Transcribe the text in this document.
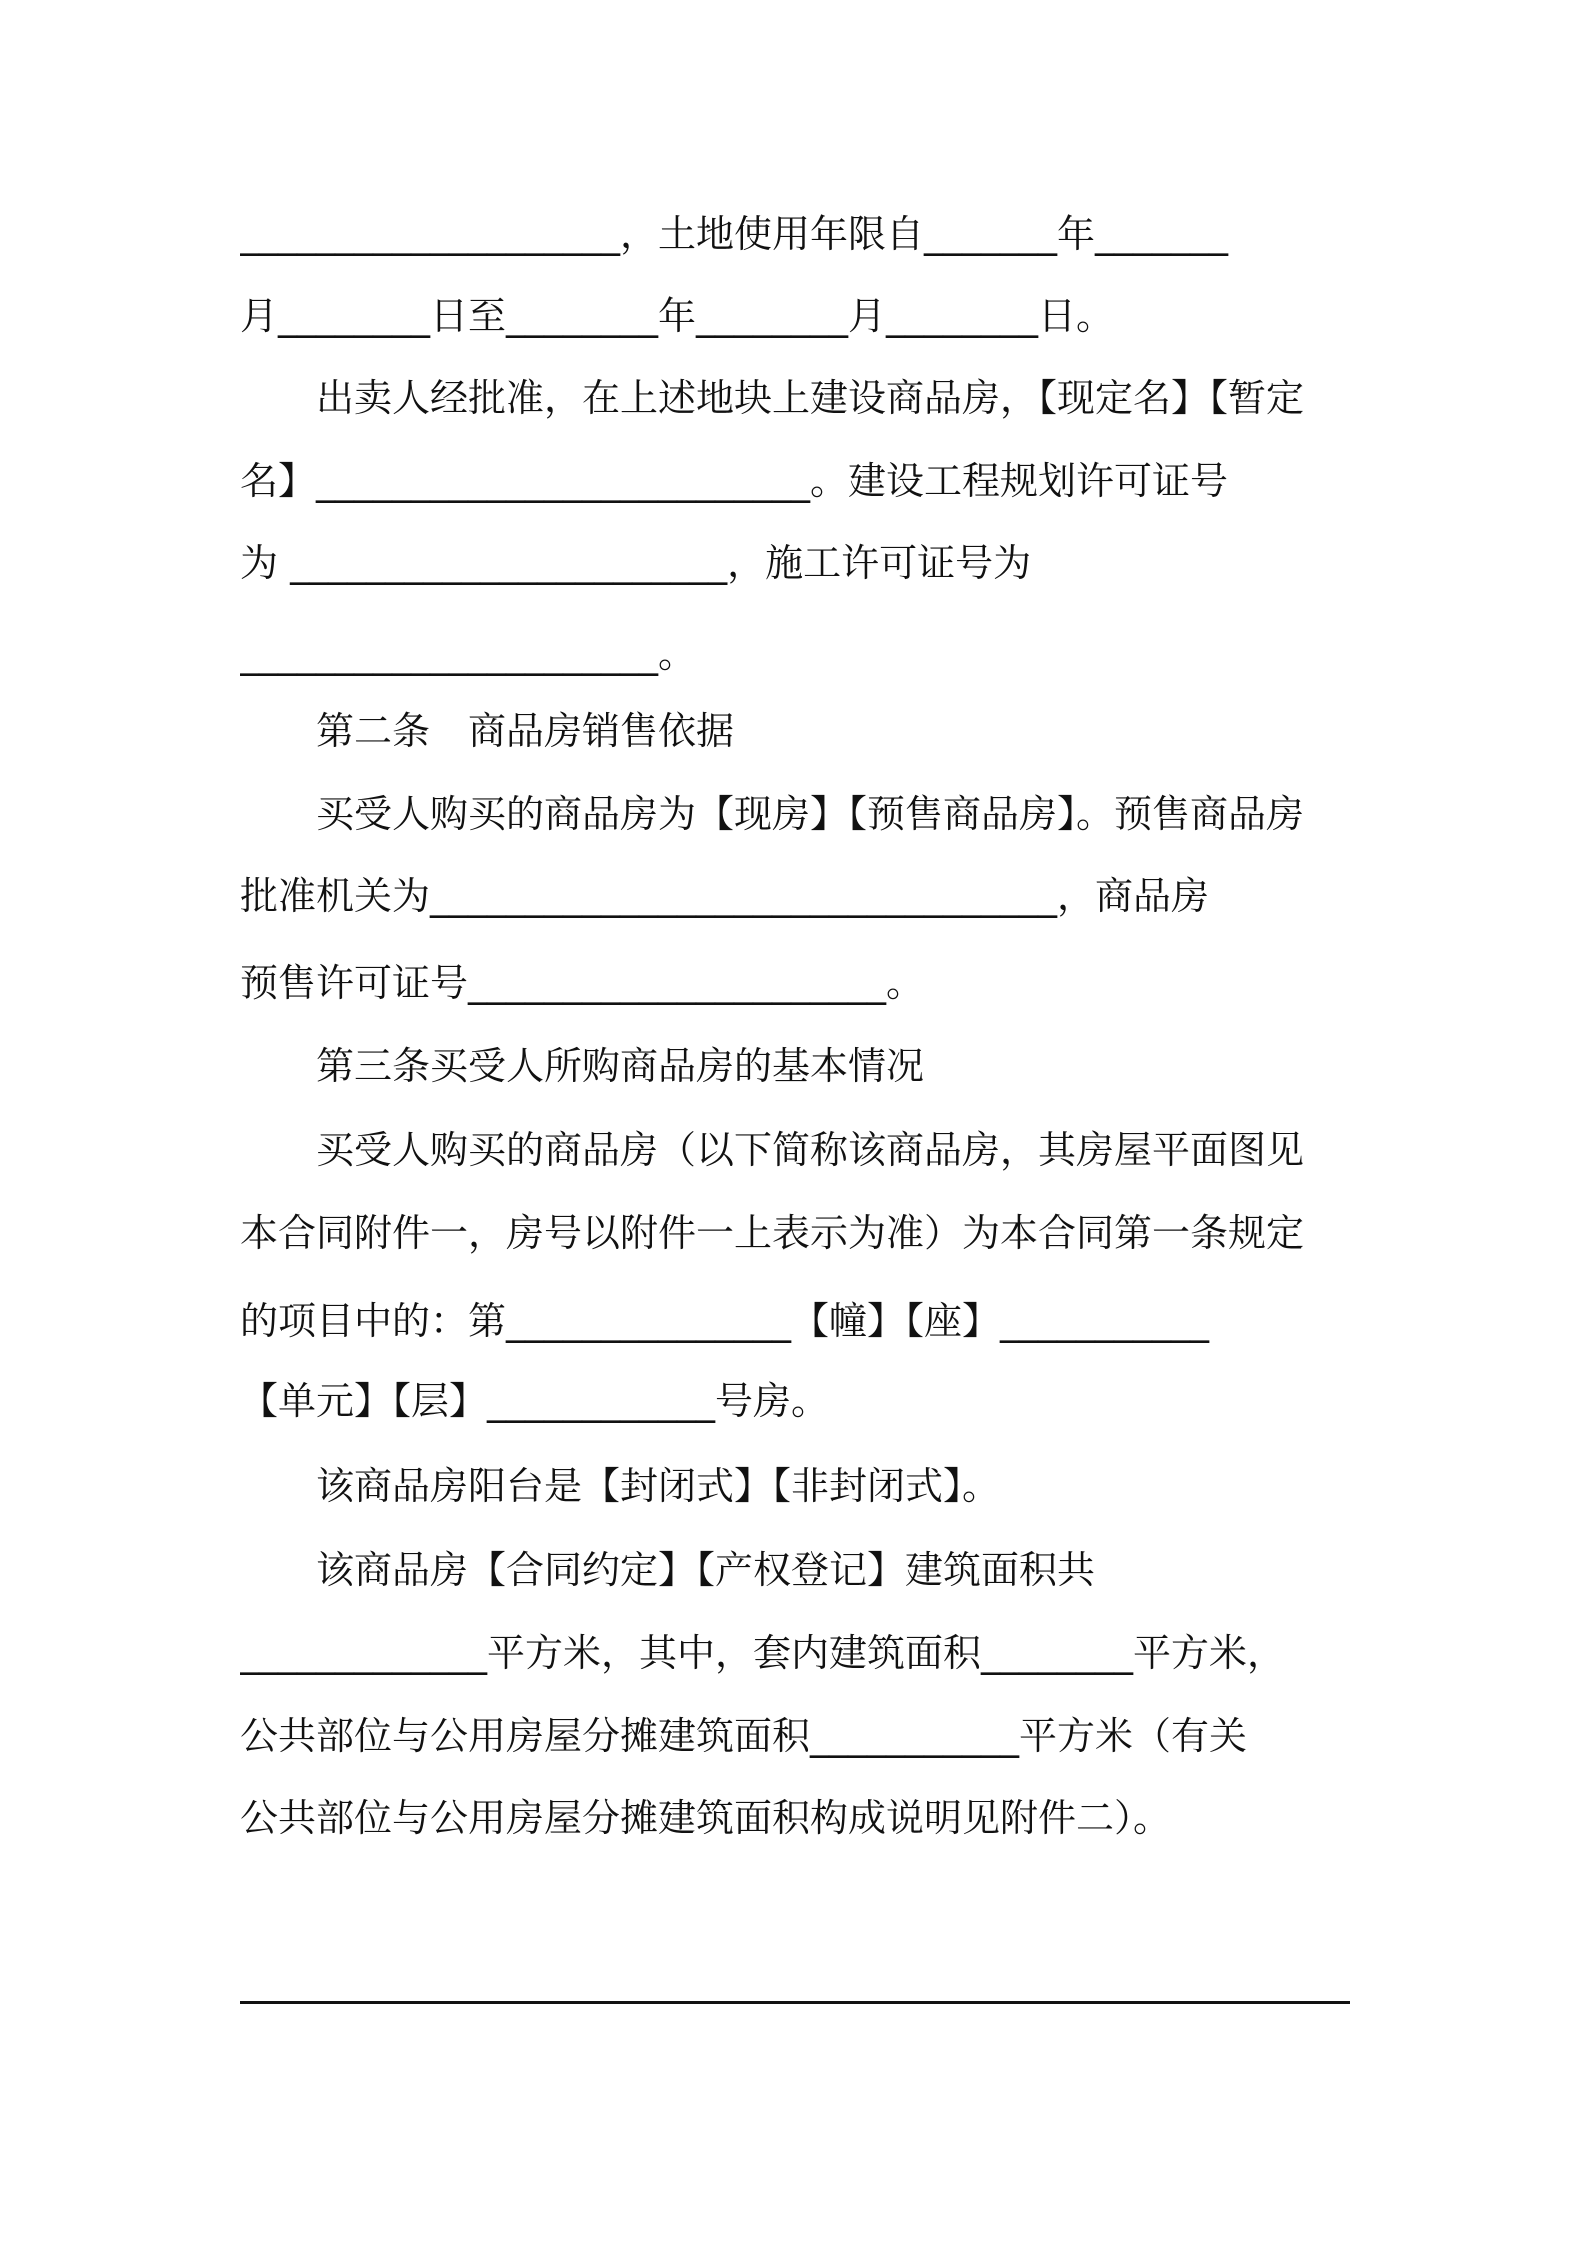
____________________，土地使用年限自_______年_______
月________日至________年________月________日。
　　出卖人经批准，在上述地块上建设商品房，【现定名】【暂定
名】__________________________。建设工程规划许可证号
为 _______________________，施工许可证号为
______________________。
　　第二条　商品房销售依据
　　买受人购买的商品房为【现房】【预售商品房】。预售商品房
批准机关为_________________________________，商品房
预售许可证号______________________。
　　第三条买受人所购商品房的基本情况
　　买受人购买的商品房（以下简称该商品房，其房屋平面图见
本合同附件一，房号以附件一上表示为准）为本合同第一条规定
的项目中的：第_______________【幢】【座】___________
【单元】【层】____________号房。
　　该商品房阳台是【封闭式】【非封闭式】。
　　该商品房【合同约定】【产权登记】建筑面积共
_____________平方米，其中，套内建筑面积________平方米，
公共部位与公用房屋分摊建筑面积___________平方米（有关
公共部位与公用房屋分摊建筑面积构成说明见附件二）。
